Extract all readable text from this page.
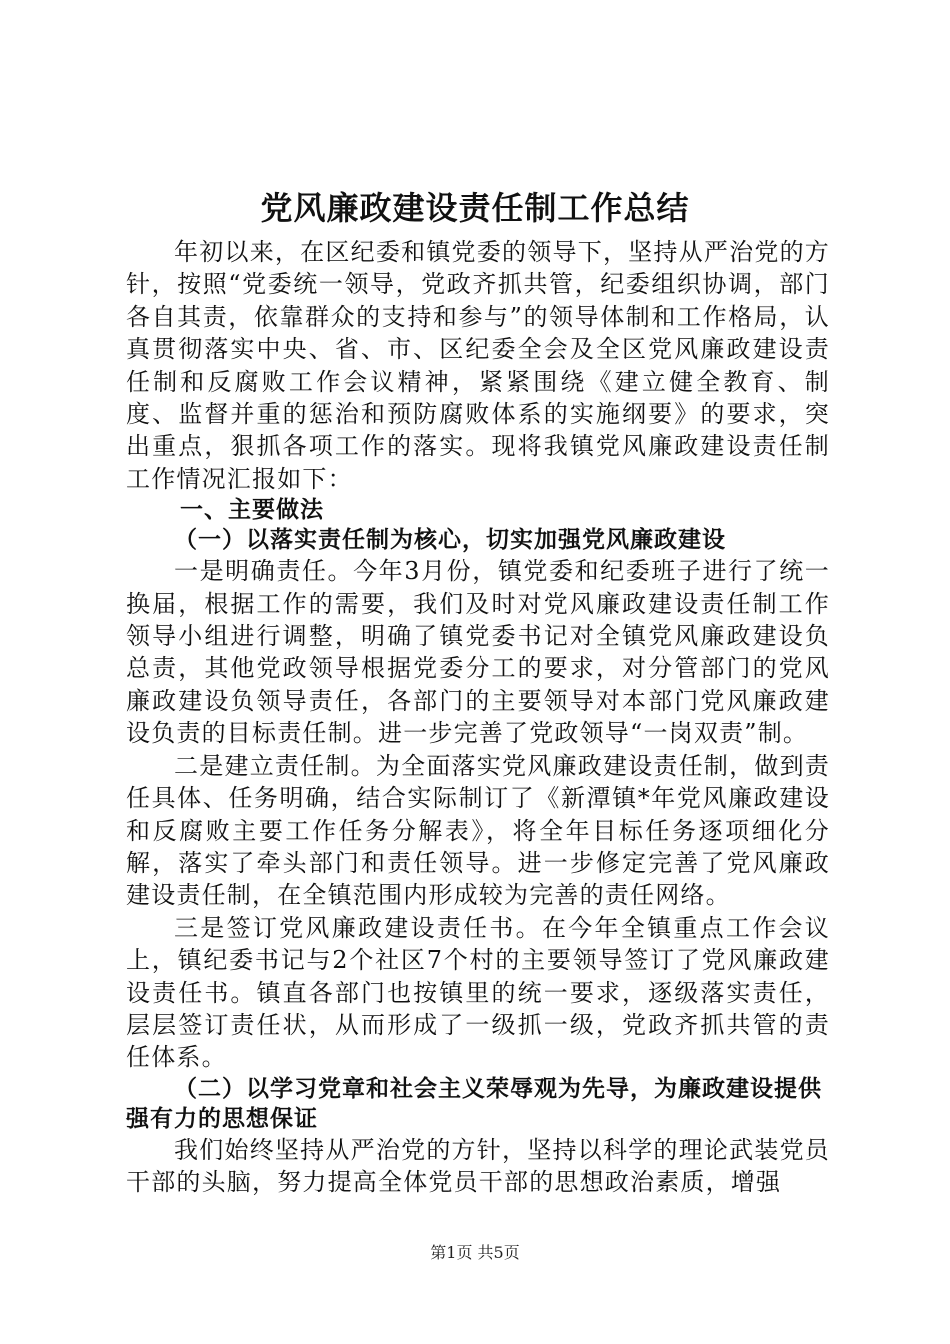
党风廉政建设责任制工作总结

年初以来，在区纪委和镇党委的领导下，坚持从严治党的方针，按照“党委统一领导，党政齐抓共管，纪委组织协调，部门各自其责，依靠群众的支持和参与”的领导体制和工作格局，认真贯彻落实中央、省、市、区纪委全会及全区党风廉政建设责任制和反腐败工作会议精神，紧紧围绕《建立健全教育、制度、监督并重的惩治和预防腐败体系的实施纲要》的要求，突出重点，狠抓各项工作的落实。现将我镇党风廉政建设责任制工作情况汇报如下：

一、主要做法
（一）以落实责任制为核心，切实加强党风廉政建设

一是明确责任。今年3月份，镇党委和纪委班子进行了统一换届，根据工作的需要，我们及时对党风廉政建设责任制工作领导小组进行调整，明确了镇党委书记对全镇党风廉政建设负总责，其他党政领导根据党委分工的要求，对分管部门的党风廉政建设负领导责任，各部门的主要领导对本部门党风廉政建设负责的目标责任制。进一步完善了党政领导“一岗双责”制。

二是建立责任制。为全面落实党风廉政建设责任制，做到责任具体、任务明确，结合实际制订了《新潭镇*年党风廉政建设和反腐败主要工作任务分解表》，将全年目标任务逐项细化分解，落实了牵头部门和责任领导。进一步修定完善了党风廉政建设责任制，在全镇范围内形成较为完善的责任网络。

三是签订党风廉政建设责任书。在今年全镇重点工作会议上，镇纪委书记与2个社区7个村的主要领导签订了党风廉政建设责任书。镇直各部门也按镇里的统一要求，逐级落实责任，层层签订责任状，从而形成了一级抓一级，党政齐抓共管的责任体系。

（二）以学习党章和社会主义荣辱观为先导，为廉政建设提供强有力的思想保证

我们始终坚持从严治党的方针，坚持以科学的理论武装党员干部的头脑，努力提高全体党员干部的思想政治素质，增强

第1页 共5页
